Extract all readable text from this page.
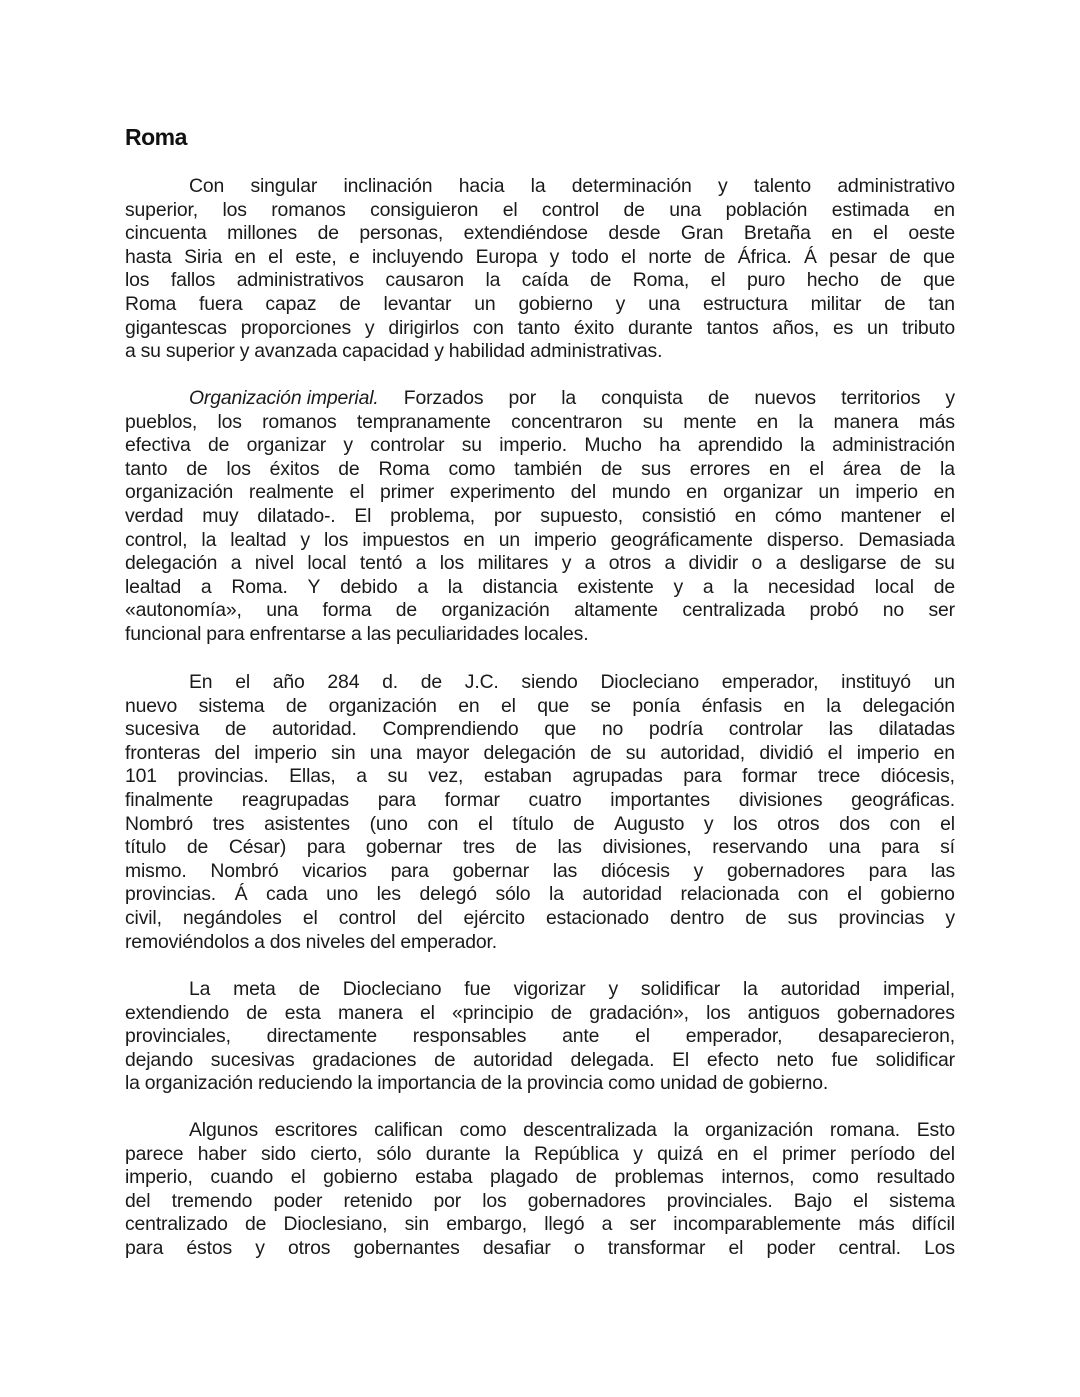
Roma
Con singular inclinación hacia la determinación y talento administrativo
superior, los romanos consiguieron el control de una población estimada en
cincuenta millones de personas, extendiéndose desde Gran Bretaña en el oeste
hasta Siria en el este, e incluyendo Europa y todo el norte de África. Á pesar de que
los fallos administrativos causaron la caída de Roma, el puro hecho de que
Roma fuera capaz de levantar un gobierno y una estructura militar de tan
gigantescas proporciones y dirigirlos con tanto éxito durante tantos años, es un tributo
a su superior y avanzada capacidad y habilidad administrativas.
Organización imperial. Forzados por la conquista de nuevos territorios y
pueblos, los romanos tempranamente concentraron su mente en la manera más
efectiva de organizar y controlar su imperio. Mucho ha aprendido la administración
tanto de los éxitos de Roma como también de sus errores en el área de la
organización realmente el primer experimento del mundo en organizar un imperio en
verdad muy dilatado-. El problema, por supuesto, consistió en cómo mantener el
control, la lealtad y los impuestos en un imperio geográficamente disperso. Demasiada
delegación a nivel local tentó a los militares y a otros a dividir o a desligarse de su
lealtad a Roma. Y debido a la distancia existente y a la necesidad local de
«autonomía», una forma de organización altamente centralizada probó no ser
funcional para enfrentarse a las peculiaridades locales.
En el año 284 d. de J.C. siendo Diocleciano emperador, instituyó un
nuevo sistema de organización en el que se ponía énfasis en la delegación
sucesiva de autoridad. Comprendiendo que no podría controlar las dilatadas
fronteras del imperio sin una mayor delegación de su autoridad, dividió el imperio en
101 provincias. Ellas, a su vez, estaban agrupadas para formar trece diócesis,
finalmente reagrupadas para formar cuatro importantes divisiones geográficas.
Nombró tres asistentes (uno con el título de Augusto y los otros dos con el
título de César) para gobernar tres de las divisiones, reservando una para sí
mismo. Nombró vicarios para gobernar las diócesis y gobernadores para las
provincias. Á cada uno les delegó sólo la autoridad relacionada con el gobierno
civil, negándoles el control del ejército estacionado dentro de sus provincias y
removiéndolos a dos niveles del emperador.
La meta de Diocleciano fue vigorizar y solidificar la autoridad imperial,
extendiendo de esta manera el «principio de gradación», los antiguos gobernadores
provinciales, directamente responsables ante el emperador, desaparecieron,
dejando sucesivas gradaciones de autoridad delegada. El efecto neto fue solidificar
la organización reduciendo la importancia de la provincia como unidad de gobierno.
Algunos escritores califican como descentralizada la organización romana. Esto
parece haber sido cierto, sólo durante la República y quizá en el primer período del
imperio, cuando el gobierno estaba plagado de problemas internos, como resultado
del tremendo poder retenido por los gobernadores provinciales. Bajo el sistema
centralizado de Dioclesiano, sin embargo, llegó a ser incomparablemente más difícil
para éstos y otros gobernantes desafiar o transformar el poder central. Los
